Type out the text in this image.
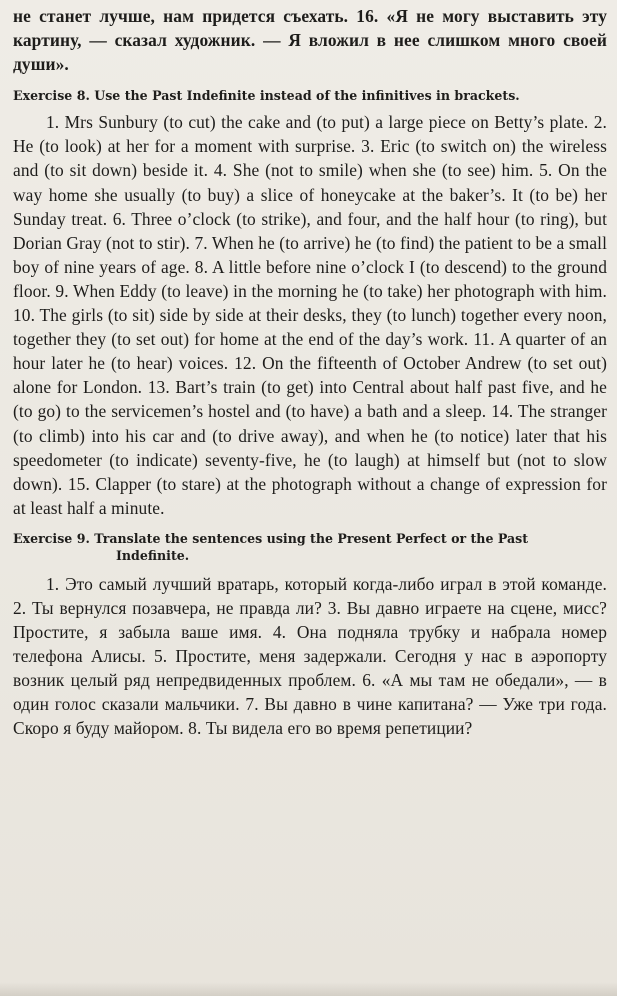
не станет лучше, нам придется съехать. 16. «Я не могу выставить эту картину, — сказал художник. — Я вложил в нее слишком много своей души».

Exercise 8. Use the Past Indefinite instead of the infinitives in brackets.

1. Mrs Sunbury (to cut) the cake and (to put) a large piece on Betty’s plate. 2. He (to look) at her for a moment with surprise. 3. Eric (to switch on) the wireless and (to sit down) beside it. 4. She (not to smile) when she (to see) him. 5. On the way home she usually (to buy) a slice of honeycake at the baker’s. It (to be) her Sunday treat. 6. Three o’clock (to strike), and four, and the half hour (to ring), but Dorian Gray (not to stir). 7. When he (to arrive) he (to find) the patient to be a small boy of nine years of age. 8. A little before nine o’clock I (to descend) to the ground floor. 9. When Eddy (to leave) in the morning he (to take) her photograph with him. 10. The girls (to sit) side by side at their desks, they (to lunch) together every noon, together they (to set out) for home at the end of the day’s work. 11. A quarter of an hour later he (to hear) voices. 12. On the fifteenth of October Andrew (to set out) alone for London. 13. Bart’s train (to get) into Central about half past five, and he (to go) to the servicemen’s hostel and (to have) a bath and a sleep. 14. The stranger (to climb) into his car and (to drive away), and when he (to notice) later that his speedometer (to indicate) seventy-five, he (to laugh) at himself but (not to slow down). 15. Clapper (to stare) at the photograph without a change of expression for at least half a minute.

Exercise 9. Translate the sentences using the Present Perfect or the Past
Indefinite.

1. Это самый лучший вратарь, который когда-либо играл в этой команде. 2. Ты вернулся позавчера, не правда ли? 3. Вы давно играете на сцене, мисс? Простите, я забыла ваше имя. 4. Она подняла трубку и набрала номер телефона Алисы. 5. Простите, меня задержали. Сегодня у нас в аэропорту возник целый ряд непредвиденных проблем. 6. «А мы там не обедали», — в один голос сказали мальчики. 7. Вы давно в чине капитана? — Уже три года. Скоро я буду майором. 8. Ты видела его во время репетиции?
